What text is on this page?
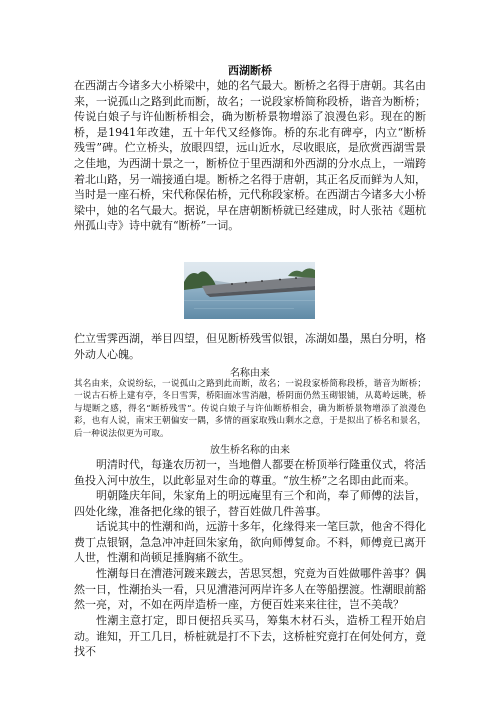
西湖断桥

在西湖古今诸多大小桥梁中，她的名气最大。断桥之名得于唐朝。其名由来，一说孤山之路到此而断，故名；一说段家桥简称段桥，谐音为断桥；传说白娘子与许仙断桥相会，确为断桥景物增添了浪漫色彩。现在的断桥，是1941年改建，五十年代又经修饰。桥的东北有碑亭，内立“断桥残雪”碑。伫立桥头，放眼四望，远山近水，尽收眼底，是欣赏西湖雪景之佳地，为西湖十景之一，断桥位于里西湖和外西湖的分水点上，一端跨着北山路，另一端接通白堤。断桥之名得于唐朝，其正名反而鲜为人知，当时是一座石桥，宋代称保佑桥，元代称段家桥。在西湖古今诸多大小桥梁中，她的名气最大。据说，早在唐朝断桥就已经建成，时人张祜《题杭州孤山寺》诗中就有“断桥”一词。

伫立雪霁西湖，举目四望，但见断桥残雪似银，冻湖如墨，黑白分明，格外动人心魄。

名称由来

其名由来，众说纷纭，一说孤山之路到此而断，故名；一说段家桥简称段桥，谐音为断桥；一说古石桥上建有亭，冬日雪霁，桥阳面冰雪消融，桥阴面仍然玉砌银铺，从葛岭远眺，桥与堤断之感，得名“断桥残雪”。传说白娘子与许仙断桥相会，确为断桥景物增添了浪漫色彩，也有人说，南宋王朝偏安一隅，多情的画家取残山剩水之意，于是拟出了桥名和景名，后一种说法似更为可取。

放生桥名称的由来

明清时代，每逢农历初一，当地僧人都要在桥顶举行隆重仪式，将活鱼投入河中放生，以此彰显对生命的尊重。“放生桥”之名即由此而来。

明朝隆庆年间，朱家角上的明远庵里有三个和尚，奉了师傅的法旨，四处化缘，准备把化缘的银子，替百姓做几件善事。

话说其中的性潮和尚，远游十多年，化缘得来一笔巨款，他舍不得化费丁点银钢，急急冲冲赶回朱家角，欲向师傅复命。不料，师傅竟已离开人世，性潮和尚顿足捶胸痛不欲生。

性潮每日在漕港河踱来踱去，苦思冥想，究竟为百姓做哪件善事？偶然一日，性潮抬头一看，只见漕港河两岸许多人在等船摆渡。性潮眼前豁然一亮，对，不如在两岸造桥一座，方便百姓来来往往，岂不美哉？

性潮主意打定，即日便招兵买马，筹集木材石头，造桥工程开始启动。谁知，开工几日，桥桩就是打不下去，这桥桩究竟打在何处何方，竟找不
